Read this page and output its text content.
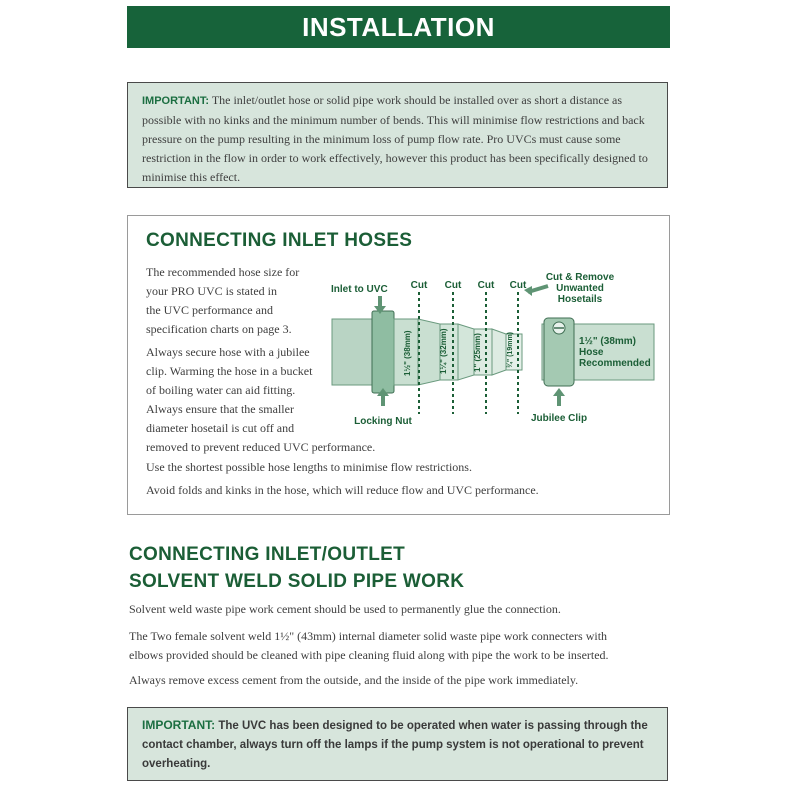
INSTALLATION
IMPORTANT: The inlet/outlet hose or solid pipe work should be installed over as short a distance as possible with no kinks and the minimum number of bends. This will minimise flow restrictions and back pressure on the pump resulting in the minimum loss of pump flow rate. Pro UVCs must cause some restriction in the flow in order to work effectively, however this product has been specifically designed to minimise this effect.
CONNECTING INLET HOSES
The recommended hose size for
your PRO UVC is stated in
the UVC performance and
specification charts on page 3.
Always secure hose with a jubilee
clip. Warming the hose in a bucket
of boiling water can aid fitting.
Always ensure that the smaller
diameter hosetail is cut off and
removed to prevent reduced UVC performance.
Use the shortest possible hose lengths to minimise flow restrictions.
Avoid folds and kinks in the hose, which will reduce flow and UVC performance.
Cut Cut Cut Cut
1½" (38mm)	1¼" (32mm)	1" (25mm)	¾" (19mm)
Inlet to UVC
Cut & Remove
Unwanted
Hosetails
1½" (38mm)
Hose
Recommended
Locking Nut	Jubilee Clip
CONNECTING INLET/OUTLET
SOLVENT WELD SOLID PIPE WORK
Solvent weld waste pipe work cement should be used to permanently glue the connection.
The Two female solvent weld 1½" (43mm) internal diameter solid waste pipe work connecters with
elbows provided should be cleaned with pipe cleaning fluid along with pipe the work to be inserted.
Always remove excess cement from the outside, and the inside of the pipe work immediately.
IMPORTANT: The UVC has been designed to be operated when water is passing through the contact chamber, always turn off the lamps if the pump system is not operational to prevent overheating.
